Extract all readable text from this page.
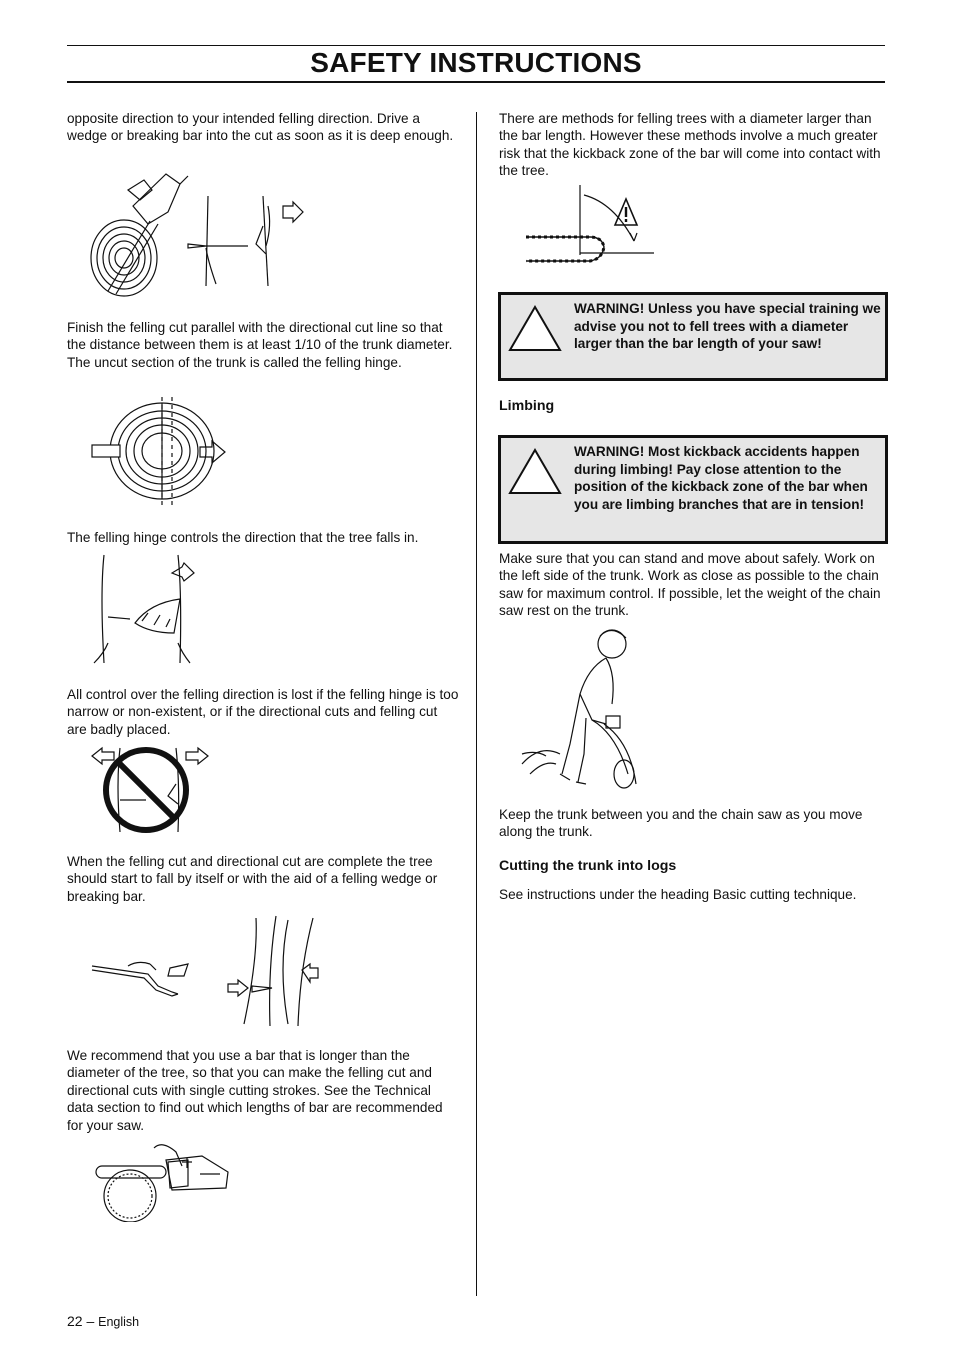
SAFETY INSTRUCTIONS

opposite direction to your intended felling direction. Drive a wedge or breaking bar into the cut as soon as it is deep enough.

Finish the felling cut parallel with the directional cut line so that the distance between them is at least 1/10 of the trunk diameter. The uncut section of the trunk is called the felling hinge.

The felling hinge controls the direction that the tree falls in.

All control over the felling direction is lost if the felling hinge is too narrow or non-existent, or if the directional cuts and felling cut are badly placed.

When the felling cut and directional cut are complete the tree should start to fall by itself or with the aid of a felling wedge or breaking bar.

We recommend that you use a bar that is longer than the diameter of the tree, so that you can make the felling cut and directional cuts with single cutting strokes. See the Technical data section to find out which lengths of bar are recommended for your saw.

There are methods for felling trees with a diameter larger than the bar length. However these methods involve a much greater risk that the kickback zone of the bar will come into contact with the tree.

WARNING! Unless you have special training we advise you not to fell trees with a diameter larger than the bar length of your saw!
Limbing
WARNING! Most kickback accidents happen during limbing! Pay close attention to the position of the kickback zone of the bar when you are limbing branches that are in tension!

Make sure that you can stand and move about safely. Work on the left side of the trunk. Work as close as possible to the chain saw for maximum control. If possible, let the weight of the chain saw rest on the trunk.

Keep the trunk between you and the chain saw as you move along the trunk.

Cutting the trunk into logs

See instructions under the heading Basic cutting technique.

22 – English
